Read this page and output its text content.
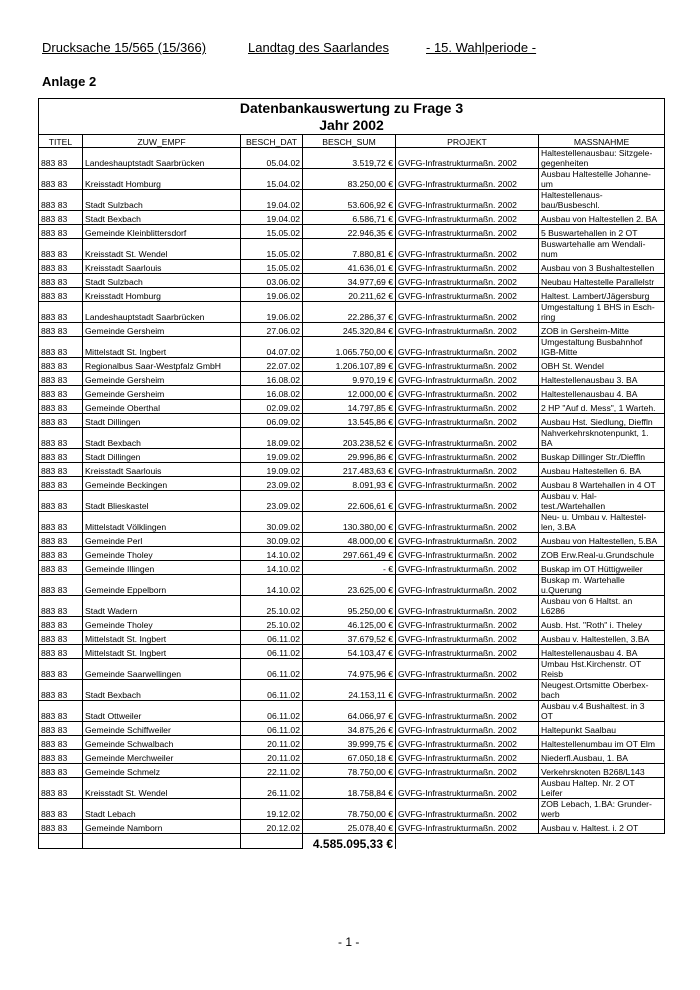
Drucksache 15/565 (15/366)

	Landtag des Saarlandes

	- 15. Wahlperiode -

Anlage 2
Datenbankauswertung zu Frage 3					
Jahr 2002					
TITEL	ZUW_EMPF	BESCH_DAT	BESCH_SUM	PROJEKT	MASSNAHME
883 83	Landeshauptstadt Saarbrücken	05.04.02	3.519,72 €	GVFG-Infrastrukturmaßn. 2002	Haltestellenausbau: Sitzgele-
gegenheiten
883 83	Kreisstadt Homburg	15.04.02	83.250,00 €	GVFG-Infrastrukturmaßn. 2002	Ausbau Haltestelle Johanne-
um
883 83	Stadt Sulzbach	19.04.02	53.606,92 €	GVFG-Infrastrukturmaßn. 2002	Haltestellenaus-
bau/Busbeschl.
883 83	Stadt Bexbach	19.04.02	6.586,71 €	GVFG-Infrastrukturmaßn. 2002	Ausbau von Haltestellen 2. BA
883 83	Gemeinde Kleinblittersdorf	15.05.02	22.946,35 €	GVFG-Infrastrukturmaßn. 2002	5 Buswartehallen in 2 OT
883 83	Kreisstadt St. Wendel	15.05.02	7.880,81 €	GVFG-Infrastrukturmaßn. 2002	Buswartehalle am Wendali-
num
883 83	Kreisstadt Saarlouis	15.05.02	41.636,01 €	GVFG-Infrastrukturmaßn. 2002	Ausbau von 3 Bushaltestellen
883 83	Stadt Sulzbach	03.06.02	34.977,69 €	GVFG-Infrastrukturmaßn. 2002	Neubau Haltestelle Parallelstr
883 83	Kreisstadt Homburg	19.06.02	20.211,62 €	GVFG-Infrastrukturmaßn. 2002	Haltest. Lambert/Jägersburg
883 83	Landeshauptstadt Saarbrücken	19.06.02	22.286,37 €	GVFG-Infrastrukturmaßn. 2002	Umgestaltung 1 BHS in Esch-
ring
883 83	Gemeinde Gersheim	27.06.02	245.320,84 €	GVFG-Infrastrukturmaßn. 2002	ZOB in Gersheim-Mitte
883 83	Mittelstadt St. Ingbert	04.07.02	1.065.750,00 €	GVFG-Infrastrukturmaßn. 2002	Umgestaltung Busbahnhof
IGB-Mitte
883 83	Regionalbus Saar-Westpfalz GmbH	22.07.02	1.206.107,89 €	GVFG-Infrastrukturmaßn. 2002	OBH St. Wendel
883 83	Gemeinde Gersheim	16.08.02	9.970,19 €	GVFG-Infrastrukturmaßn. 2002	Haltestellenausbau 3. BA
883 83	Gemeinde Gersheim	16.08.02	12.000,00 €	GVFG-Infrastrukturmaßn. 2002	Haltestellenausbau 4. BA
883 83	Gemeinde Oberthal	02.09.02	14.797,85 €	GVFG-Infrastrukturmaßn. 2002	2 HP "Auf d. Mess", 1 Warteh.
883 83	Stadt Dillingen	06.09.02	13.545,86 €	GVFG-Infrastrukturmaßn. 2002	Ausbau Hst. Siedlung, Dieffln
883 83	Stadt Bexbach	18.09.02	203.238,52 €	GVFG-Infrastrukturmaßn. 2002	Nahverkehrsknotenpunkt, 1.
BA
883 83	Stadt Dillingen	19.09.02	29.996,86 €	GVFG-Infrastrukturmaßn. 2002	Buskap Dillinger Str./Dieffln
883 83	Kreisstadt Saarlouis	19.09.02	217.483,63 €	GVFG-Infrastrukturmaßn. 2002	Ausbau Haltestellen 6. BA
883 83	Gemeinde Beckingen	23.09.02	8.091,93 €	GVFG-Infrastrukturmaßn. 2002	Ausbau 8 Wartehallen in 4 OT
883 83	Stadt Blieskastel	23.09.02	22.606,61 €	GVFG-Infrastrukturmaßn. 2002	Ausbau v. Hal-
test./Wartehallen
883 83	Mittelstadt Völklingen	30.09.02	130.380,00 €	GVFG-Infrastrukturmaßn. 2002	Neu- u. Umbau v. Haltestel-
len, 3.BA
883 83	Gemeinde Perl	30.09.02	48.000,00 €	GVFG-Infrastrukturmaßn. 2002	Ausbau von Haltestellen, 5.BA
883 83	Gemeinde Tholey	14.10.02	297.661,49 €	GVFG-Infrastrukturmaßn. 2002	ZOB Erw.Real-u.Grundschule
883 83	Gemeinde Illingen	14.10.02	- €	GVFG-Infrastrukturmaßn. 2002	Buskap im OT Hüttigweiler
883 83	Gemeinde Eppelborn	14.10.02	23.625,00 €	GVFG-Infrastrukturmaßn. 2002	Buskap m. Wartehalle
u.Querung
883 83	Stadt Wadern	25.10.02	95.250,00 €	GVFG-Infrastrukturmaßn. 2002	Ausbau von 6 Haltst. an
L6286
883 83	Gemeinde Tholey	25.10.02	46.125,00 €	GVFG-Infrastrukturmaßn. 2002	Ausb. Hst. "Roth" i. Theley
883 83	Mittelstadt St. Ingbert	06.11.02	37.679,52 €	GVFG-Infrastrukturmaßn. 2002	Ausbau v. Haltestellen, 3.BA
883 83	Mittelstadt St. Ingbert	06.11.02	54.103,47 €	GVFG-Infrastrukturmaßn. 2002	Haltestellenausbau 4. BA
883 83	Gemeinde Saarwellingen	06.11.02	74.975,96 €	GVFG-Infrastrukturmaßn. 2002	Umbau Hst.Kirchenstr. OT
Reisb
883 83	Stadt Bexbach	06.11.02	24.153,11 €	GVFG-Infrastrukturmaßn. 2002	Neugest.Ortsmitte Oberbex-
bach
883 83	Stadt Ottweiler	06.11.02	64.066,97 €	GVFG-Infrastrukturmaßn. 2002	Ausbau v.4 Bushaltest. in 3
OT
883 83	Gemeinde Schiffweiler	06.11.02	34.875,26 €	GVFG-Infrastrukturmaßn. 2002	Haltepunkt Saalbau
883 83	Gemeinde Schwalbach	20.11.02	39.999,75 €	GVFG-Infrastrukturmaßn. 2002	Haltestellenumbau im OT Elm
883 83	Gemeinde Merchweiler	20.11.02	67.050,18 €	GVFG-Infrastrukturmaßn. 2002	Niederfl.Ausbau, 1. BA
883 83	Gemeinde Schmelz	22.11.02	78.750,00 €	GVFG-Infrastrukturmaßn. 2002	Verkehrsknoten B268/L143
883 83	Kreisstadt St. Wendel	26.11.02	18.758,84 €	GVFG-Infrastrukturmaßn. 2002	Ausbau Haltep. Nr. 2 OT
Leifer
883 83	Stadt Lebach	19.12.02	78.750,00 €	GVFG-Infrastrukturmaßn. 2002	ZOB Lebach, 1.BA: Grunder-
werb
883 83	Gemeinde Namborn	20.12.02	25.078,40 €	GVFG-Infrastrukturmaßn. 2002	Ausbau v. Haltest. i. 2 OT
			4.585.095,33 €		
- 1 -
